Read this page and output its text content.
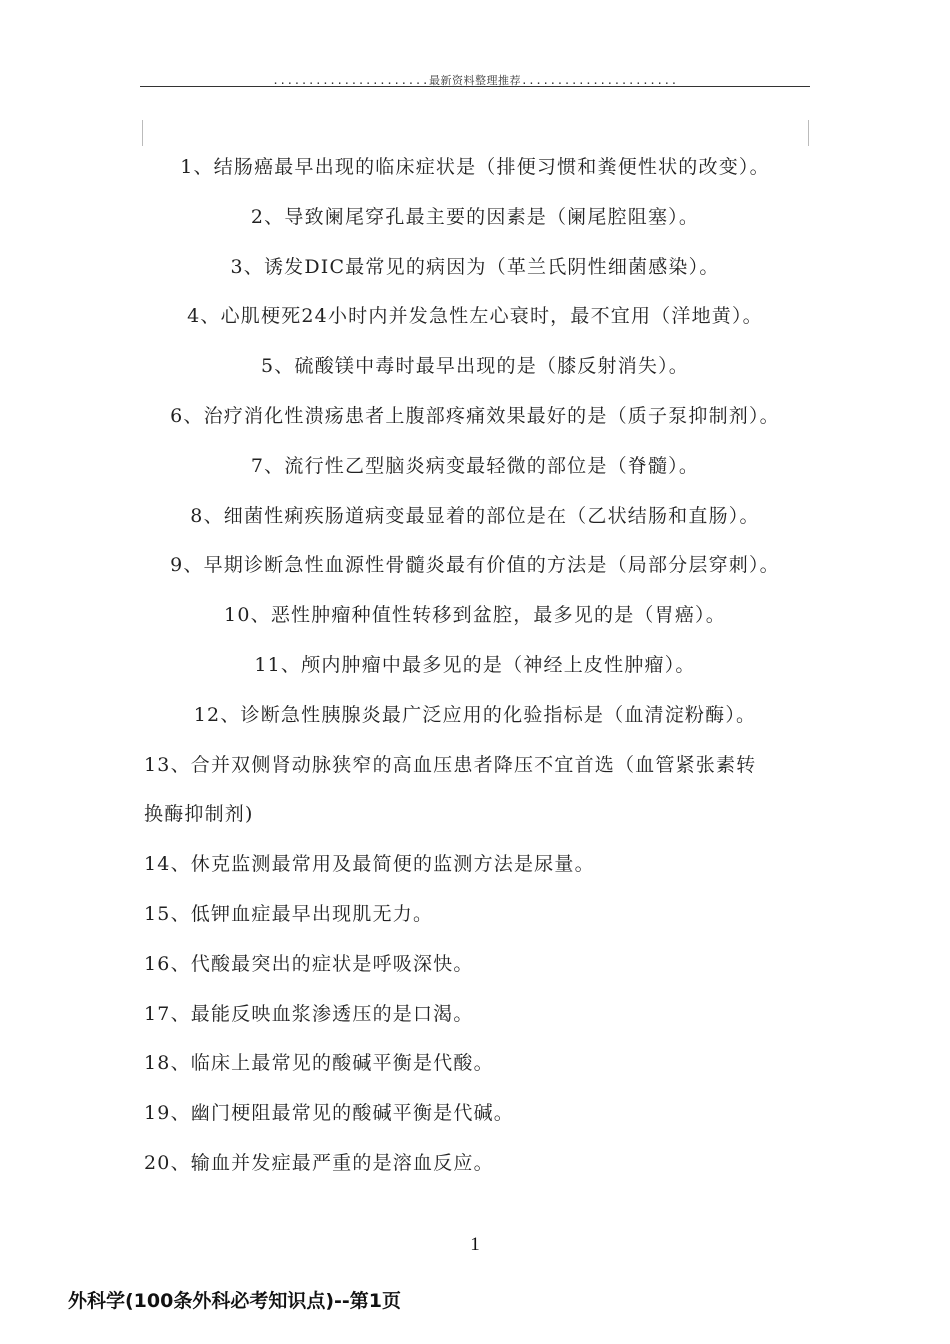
......................最新资料整理推荐......................
1、结肠癌最早出现的临床症状是（排便习惯和粪便性状的改变）。
2、导致阑尾穿孔最主要的因素是（阑尾腔阻塞）。
3、诱发DIC最常见的病因为（革兰氏阴性细菌感染）。
4、心肌梗死24小时内并发急性左心衰时，最不宜用（洋地黄）。
5、硫酸镁中毒时最早出现的是（膝反射消失）。
6、治疗消化性溃疡患者上腹部疼痛效果最好的是（质子泵抑制剂）。
7、流行性乙型脑炎病变最轻微的部位是（脊髓）。
8、细菌性痢疾肠道病变最显着的部位是在（乙状结肠和直肠）。
9、早期诊断急性血源性骨髓炎最有价值的方法是（局部分层穿刺）。
10、恶性肿瘤种值性转移到盆腔，最多见的是（胃癌）。
11、颅内肿瘤中最多见的是（神经上皮性肿瘤）。
12、诊断急性胰腺炎最广泛应用的化验指标是（血清淀粉酶）。
13、合并双侧肾动脉狭窄的高血压患者降压不宜首选（血管紧张素转
换酶抑制剂)
14、休克监测最常用及最简便的监测方法是尿量。
15、低钾血症最早出现肌无力。
16、代酸最突出的症状是呼吸深快。
17、最能反映血浆渗透压的是口渴。
18、临床上最常见的酸碱平衡是代酸。
19、幽门梗阻最常见的酸碱平衡是代碱。
20、输血并发症最严重的是溶血反应。
1
外科学(100条外科必考知识点)--第1页
